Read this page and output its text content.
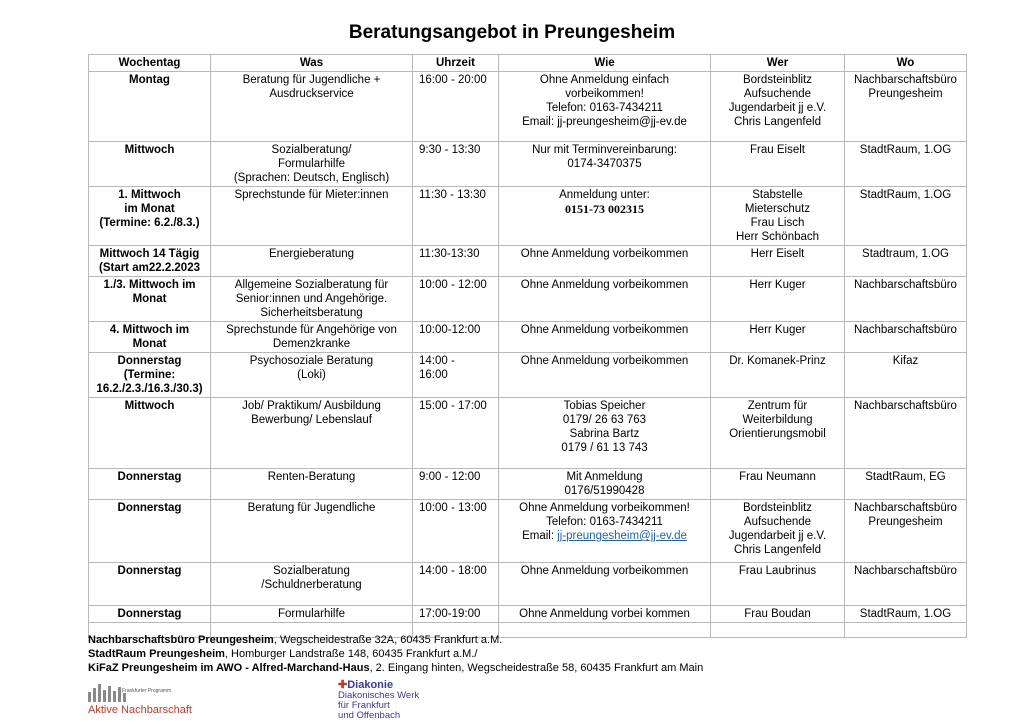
Beratungsangebot in Preungesheim
Wochentag	Was	Uhrzeit	Wie	Wer	Wo

Montag	Beratung für Jugendliche +
Ausdruckservice	16:00 - 20:00	Ohne Anmeldung einfach
vorbeikommen!
Telefon: 0163-7434211
Email: jj-preungesheim@jj-ev.de	Bordsteinblitz
Aufsuchende
Jugendarbeit jj e.V.
Chris Langenfeld	Nachbarschaftsbüro
Preungesheim

Mittwoch	Sozialberatung/
Formularhilfe
(Sprachen: Deutsch, Englisch)	9:30 - 13:30	Nur mit Terminvereinbarung:
0174-3470375	Frau Eiselt	StadtRaum, 1.OG

1. Mittwoch
im Monat
(Termine: 6.2./8.3.)	Sprechstunde für Mieter:innen	11:30 - 13:30	Anmeldung unter:
0151-73 002315	Stabstelle
Mieterschutz
Frau Lisch
Herr Schönbach	StadtRaum, 1.OG

Mittwoch 14 Tägig
(Start am22.2.2023	Energieberatung	11:30-13:30	Ohne Anmeldung vorbeikommen	Herr Eiselt	Stadtraum, 1.OG

1./3. Mittwoch im
Monat	Allgemeine Sozialberatung für
Senior:innen und Angehörige.
Sicherheitsberatung	10:00 - 12:00	Ohne Anmeldung vorbeikommen	Herr Kuger	Nachbarschaftsbüro

4. Mittwoch im
Monat	Sprechstunde für Angehörige von
Demenzkranke	10:00-12:00	Ohne Anmeldung vorbeikommen	Herr Kuger	Nachbarschaftsbüro

Donnerstag
(Termine:
16.2./2.3./16.3./30.3)	Psychosoziale Beratung
(Loki)	14:00 -
16:00	Ohne Anmeldung vorbeikommen	Dr. Komanek-Prinz	Kifaz

Mittwoch	Job/ Praktikum/ Ausbildung
Bewerbung/ Lebenslauf	15:00 - 17:00	Tobias Speicher
0179/ 26 63 763
Sabrina Bartz
0179 / 61 13 743	Zentrum für
Weiterbildung
Orientierungsmobil	Nachbarschaftsbüro

Donnerstag	Renten-Beratung	9:00 - 12:00	Mit Anmeldung
0176/51990428	Frau Neumann	StadtRaum, EG

Donnerstag	Beratung für Jugendliche	10:00 - 13:00	Ohne Anmeldung vorbeikommen!
Telefon: 0163-7434211
Email: jj-preungesheim@jj-ev.de	Bordsteinblitz
Aufsuchende
Jugendarbeit jj e.V.
Chris Langenfeld	Nachbarschaftsbüro
Preungesheim

Donnerstag	Sozialberatung
/Schuldnerberatung	14:00 - 18:00	Ohne Anmeldung vorbeikommen	Frau Laubrinus	Nachbarschaftsbüro

Donnerstag	Formularhilfe	17:00-19:00	Ohne Anmeldung vorbei kommen	Frau Boudan	StadtRaum, 1.OG

Nachbarschaftsbüro Preungesheim, Wegscheidestraße 32A, 60435 Frankfurt a.M.
StadtRaum Preungesheim, Homburger Landstraße 148, 60435 Frankfurt a.M./
KiFaZ Preungesheim im AWO - Alfred-Marchand-Haus, 2. Eingang hinten, Wegscheidestraße 58, 60435 Frankfurt am Main
Frankfurter Programm
Aktive Nachbarschaft
✚Diakonie
Diakonisches Werk
für Frankfurt
und Offenbach
